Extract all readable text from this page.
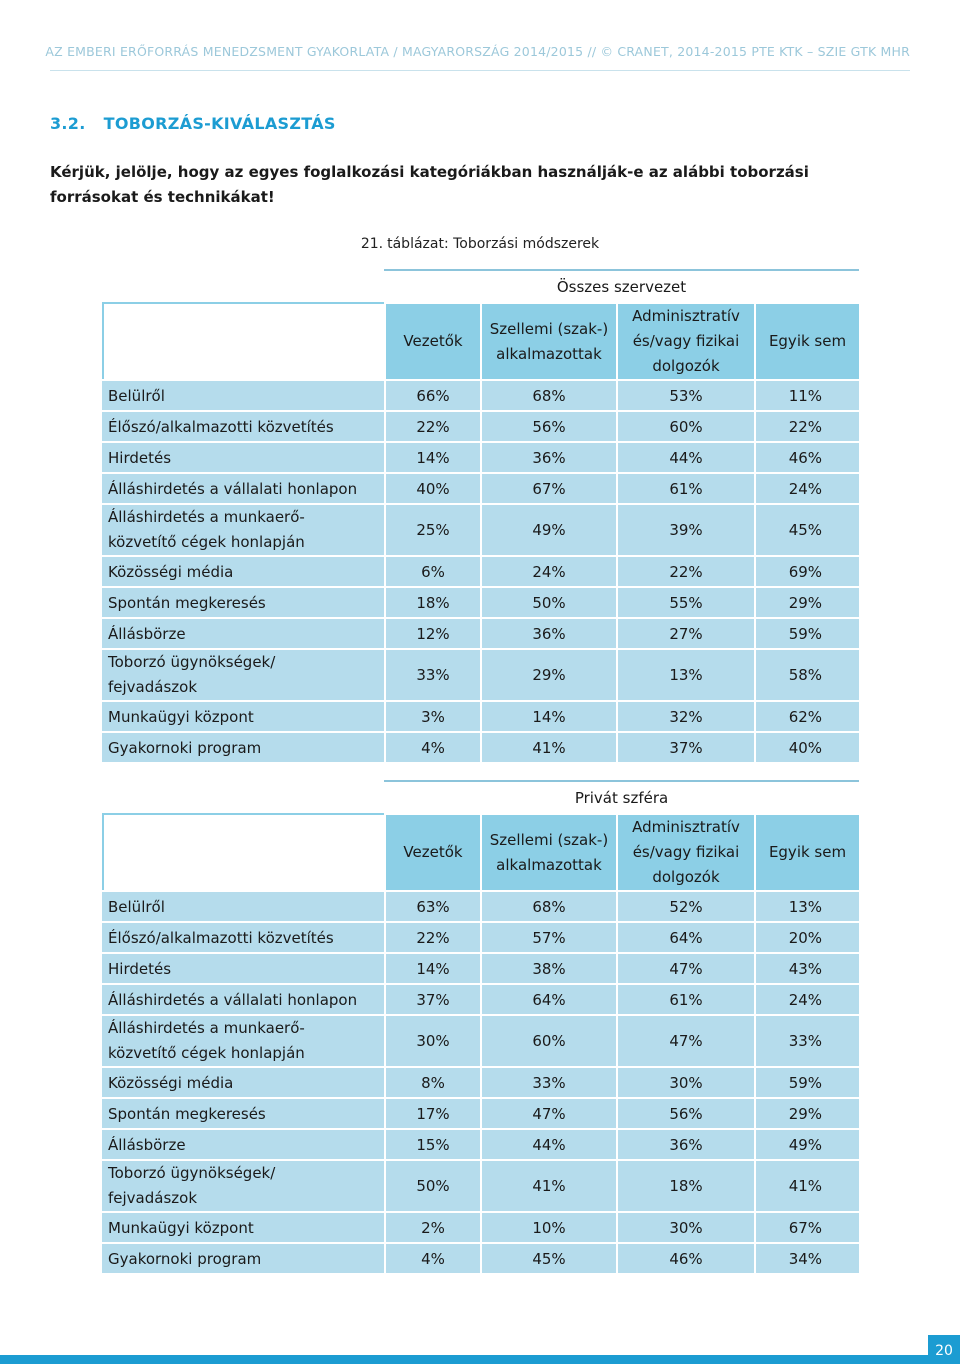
AZ EMBERI ERŐFORRÁS MENEDZSMENT GYAKORLATA / MAGYARORSZÁG 2014/2015 // © CRANET, 2014-2015 PTE KTK – SZIE GTK MHR
3.2. TOBORZÁS-KIVÁLASZTÁS
Kérjük, jelölje, hogy az egyes foglalkozási kategóriákban használják-e az alábbi toborzási forrásokat és technikákat!
21. táblázat: Toborzási módszerek
	Összes szervezet			
	Vezetők	Szellemi (szak-)
alkalmazottak	Adminisztratív
és/vagy fizikai
dolgozók	Egyik sem
Belülről	66%	68%	53%	11%
Élőszó/alkalmazotti közvetítés	22%	56%	60%	22%
Hirdetés	14%	36%	44%	46%
Álláshirdetés a vállalati honlapon	40%	67%	61%	24%
Álláshirdetés a munkaerő-
közvetítő cégek honlapján	25%	49%	39%	45%
Közösségi média	6%	24%	22%	69%
Spontán megkeresés	18%	50%	55%	29%
Állásbörze	12%	36%	27%	59%
Toborzó ügynökségek/
fejvadászok	33%	29%	13%	58%
Munkaügyi központ	3%	14%	32%	62%
Gyakornoki program	4%	41%	37%	40%
	Privát szféra			
	Vezetők	Szellemi (szak-)
alkalmazottak	Adminisztratív
és/vagy fizikai
dolgozók	Egyik sem
Belülről	63%	68%	52%	13%
Élőszó/alkalmazotti közvetítés	22%	57%	64%	20%
Hirdetés	14%	38%	47%	43%
Álláshirdetés a vállalati honlapon	37%	64%	61%	24%
Álláshirdetés a munkaerő-
közvetítő cégek honlapján	30%	60%	47%	33%
Közösségi média	8%	33%	30%	59%
Spontán megkeresés	17%	47%	56%	29%
Állásbörze	15%	44%	36%	49%
Toborzó ügynökségek/
fejvadászok	50%	41%	18%	41%
Munkaügyi központ	2%	10%	30%	67%
Gyakornoki program	4%	45%	46%	34%
20
